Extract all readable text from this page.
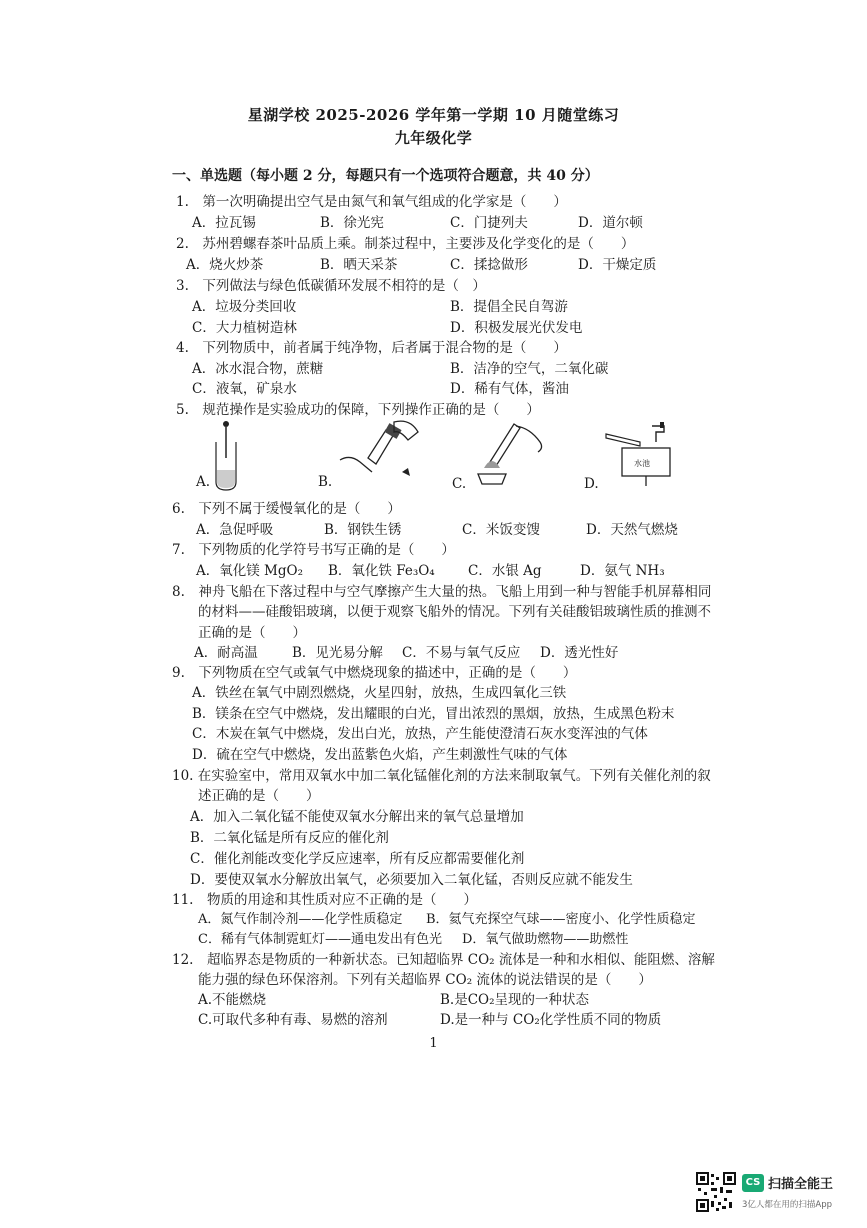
星湖学校 2025-2026 学年第一学期 10 月随堂练习
九年级化学
一、单选题（每小题 2 分，每题只有一个选项符合题意，共 40 分）
1.　第一次明确提出空气是由氮气和氧气组成的化学家是（　　）
A．拉瓦锡	B．徐光宪	C．门捷列夫	D．道尔顿
2.　苏州碧螺春茶叶品质上乘。制茶过程中，主要涉及化学变化的是（　　）
A．烧火炒茶	B．晒天采茶	C．揉捻做形	D．干燥定质
3.　下列做法与绿色低碳循环发展不相符的是（　）
A．垃圾分类回收	B．提倡全民自驾游
C．大力植树造林	D．积极发展光伏发电
4.　下列物质中，前者属于纯净物，后者属于混合物的是（　　）
A．冰水混合物，蔗糖	B．洁净的空气，二氧化碳
C．液氧，矿泉水	D．稀有气体，酱油
5.　规范操作是实验成功的保障，下列操作正确的是（　　）
A.	B.	C.
水池
D.
6.　下列不属于缓慢氧化的是（　　）
A．急促呼吸	B．钢铁生锈	C．米饭变馊	D．天然气燃烧
7.　下列物质的化学符号书写正确的是（　　）
A．氧化镁 MgO₂ B．氧化铁 Fe₃O₄ C．水银 Ag	D．氨气 NH₃
8.　神舟飞船在下落过程中与空气摩擦产生大量的热。飞船上用到一种与智能手机屏幕相同
的材料——硅酸铝玻璃，以便于观察飞船外的情况。下列有关硅酸铝玻璃性质的推测不
正确的是（　　）
A．耐高温	B．见光易分解 C．不易与氧气反应 D．透光性好
9.　下列物质在空气或氧气中燃烧现象的描述中，正确的是（　　）
A．铁丝在氧气中剧烈燃烧，火星四射，放热，生成四氧化三铁
B．镁条在空气中燃烧，发出耀眼的白光，冒出浓烈的黑烟，放热，生成黑色粉末
C．木炭在氧气中燃烧，发出白光，放热，产生能使澄清石灰水变浑浊的气体
D．硫在空气中燃烧，发出蓝紫色火焰，产生刺激性气味的气体
10. 在实验室中，常用双氧水中加二氧化锰催化剂的方法来制取氧气。下列有关催化剂的叙
述正确的是（　　）
A．加入二氧化锰不能使双氧水分解出来的氧气总量增加
B．二氧化锰是所有反应的催化剂
C．催化剂能改变化学反应速率，所有反应都需要催化剂
D．要使双氧水分解放出氧气，必须要加入二氧化锰，否则反应就不能发生
11.　物质的用途和其性质对应不正确的是（　　）
A．氮气作制冷剂——化学性质稳定 B．氦气充探空气球——密度小、化学性质稳定
C．稀有气体制霓虹灯——通电发出有色光 D．氧气做助燃物——助燃性
12.　超临界态是物质的一种新状态。已知超临界 CO₂ 流体是一种和水相似、能阻燃、溶解
能力强的绿色环保溶剂。下列有关超临界 CO₂ 流体的说法错误的是（　　）
A.不能燃烧	B.是CO₂呈现的一种状态
C.可取代多种有毒、易燃的溶剂	D.是一种与 CO₂化学性质不同的物质
1
CS 扫描全能王
3亿人都在用的扫描App
